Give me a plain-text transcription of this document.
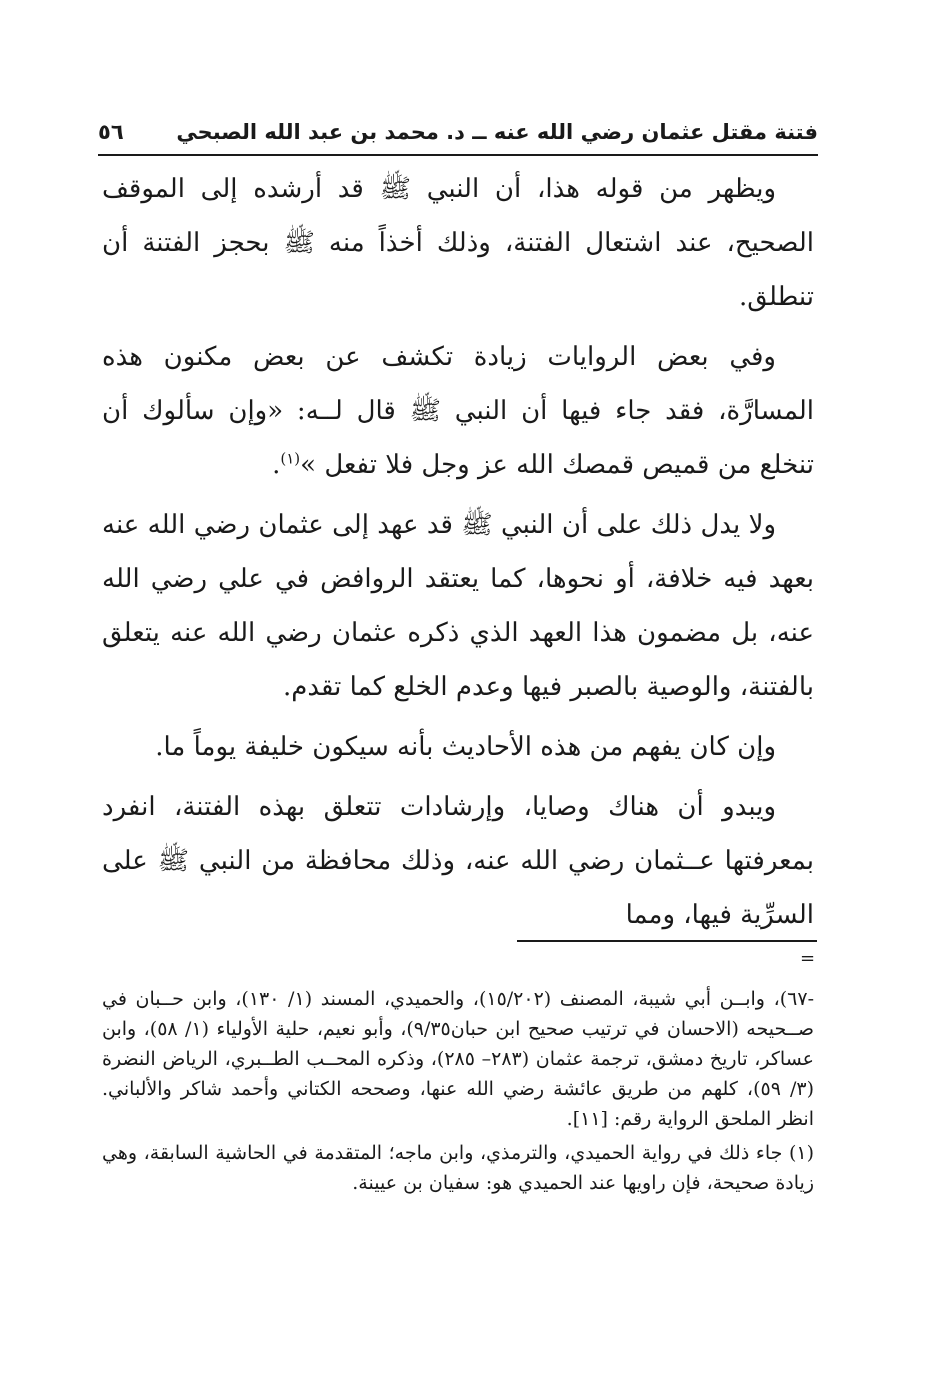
فتنة مقتل عثمان رضي الله عنه ــ د. محمد بن عبد الله الصبحي
٥٦

ويظهر من قوله هذا، أن النبي ﷺ قد أرشده إلى الموقف الصحيح، عند اشتعال الفتنة، وذلك أخذاً منه ﷺ بحجز الفتنة أن تنطلق.

وفي بعض الروايات زيادة تكشف عن بعض مكنون هذه المسارَّة، فقد جاء فيها أن النبي ﷺ قال لــه: «وإن سألوك أن تنخلع من قميص قمصك الله عز وجل فلا تفعل »$^{(١)}$.

ولا يدل ذلك على أن النبي ﷺ قد عهد إلى عثمان رضي الله عنه بعهد فيه خلافة، أو نحوها، كما يعتقد الروافض في علي رضي الله عنه، بل مضمون هذا العهد الذي ذكره عثمان رضي الله عنه يتعلق بالفتنة، والوصية بالصبر فيها وعدم الخلع كما تقدم.

وإن كان يفهم من هذه الأحاديث بأنه سيكون خليفة يوماً ما.

ويبدو أن هناك وصايا، وإرشادات تتعلق بهذه الفتنة، انفرد بمعرفتها عــثمان رضي الله عنه، وذلك محافظة من النبي ﷺ على السرِّية فيها، ومما

=

-٦٧)، وابــن أبي شيبة، المصنف (١٥/٢٠٢)، والحميدي، المسند (١/ ١٣٠)، وابن حــبان في صــحيحه (الاحسان في ترتيب صحيح ابن حبان٩/٣٥)، وأبو نعيم، حلية الأولياء (١/ ٥٨)، وابن عساكر، تاريخ دمشق، ترجمة عثمان (٢٨٣– ٢٨٥)، وذكره المحــب الطــبري، الرياض النضرة (٣/ ٥٩)، كلهم من طريق عائشة رضي الله عنها، وصححه الكتاني وأحمد شاكر والألباني. انظر الملحق الرواية رقم: [١١].

(١) جاء ذلك في رواية الحميدي، والترمذي، وابن ماجه؛ المتقدمة في الحاشية السابقة، وهي زيادة صحيحة، فإن راويها عند الحميدي هو: سفيان بن عيينة.
